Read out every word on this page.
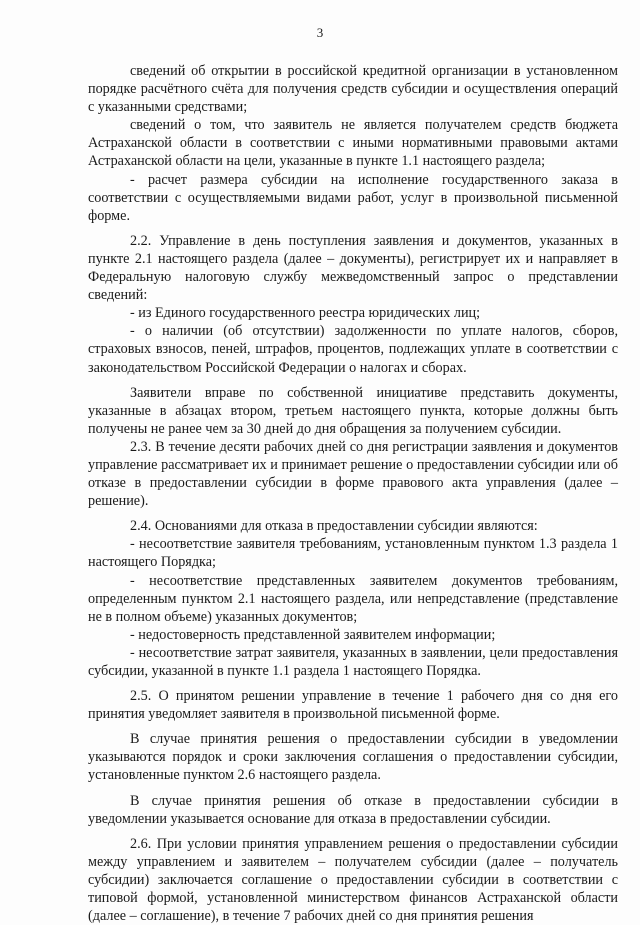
3

сведений об открытии в российской кредитной организации в установленном порядке расчётного счёта для получения средств субсидии и осуществления операций с указанными средствами;

сведений о том, что заявитель не является получателем средств бюджета Астраханской области в соответствии с иными нормативными правовыми актами Астраханской области на цели, указанные в пункте 1.1 настоящего раздела;

- расчет размера субсидии на исполнение государственного заказа в соответствии с осуществляемыми видами работ, услуг в произвольной письменной форме.

2.2. Управление в день поступления заявления и документов, указанных в пункте 2.1 настоящего раздела (далее – документы), регистрирует их и направляет в Федеральную налоговую службу межведомственный запрос о представлении сведений:

- из Единого государственного реестра юридических лиц;

- о наличии (об отсутствии) задолженности по уплате налогов, сборов, страховых взносов, пеней, штрафов, процентов, подлежащих уплате в соответствии с законодательством Российской Федерации о налогах и сборах.

Заявители вправе по собственной инициативе представить документы, указанные в абзацах втором, третьем настоящего пункта, которые должны быть получены не ранее чем за 30 дней до дня обращения за получением субсидии.

2.3. В течение десяти рабочих дней со дня регистрации заявления и документов управление рассматривает их и принимает решение о предоставлении субсидии или об отказе в предоставлении субсидии в форме правового акта управления (далее – решение).

2.4. Основаниями для отказа в предоставлении субсидии являются:

- несоответствие заявителя требованиям, установленным пунктом 1.3 раздела 1 настоящего Порядка;

- несоответствие представленных заявителем документов требованиям, определенным пунктом 2.1 настоящего раздела, или непредставление (представление не в полном объеме) указанных документов;

- недостоверность представленной заявителем информации;

- несоответствие затрат заявителя, указанных в заявлении, цели предоставления субсидии, указанной в пункте 1.1 раздела 1 настоящего Порядка.

2.5. О принятом решении управление в течение 1 рабочего дня со дня его принятия уведомляет заявителя в произвольной письменной форме.

В случае принятия решения о предоставлении субсидии в уведомлении указываются порядок и сроки заключения соглашения о предоставлении субсидии, установленные пунктом 2.6 настоящего раздела.

В случае принятия решения об отказе в предоставлении субсидии в уведомлении указывается основание для отказа в предоставлении субсидии.

2.6. При условии принятия управлением решения о предоставлении субсидии между управлением и заявителем – получателем субсидии (далее – получатель субсидии) заключается соглашение о предоставлении субсидии в соответствии с типовой формой, установленной министерством финансов Астраханской области (далее – соглашение), в течение 7 рабочих дней со дня принятия решения
